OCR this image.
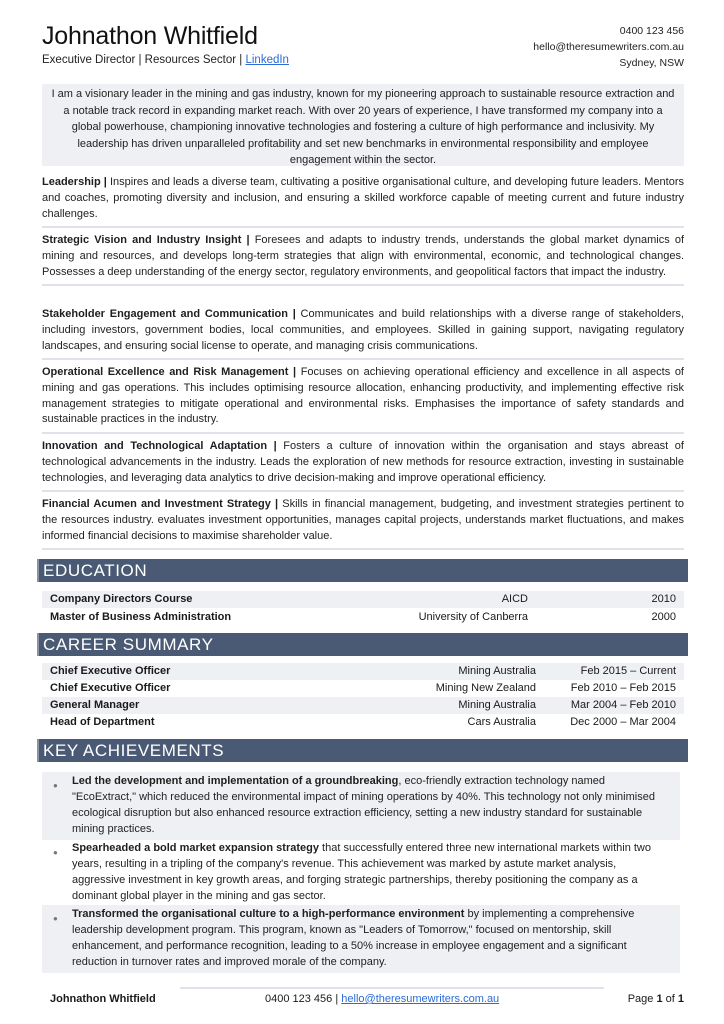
Johnathon Whitfield
Executive Director | Resources Sector | LinkedIn
0400 123 456
hello@theresumewriters.com.au
Sydney, NSW
I am a visionary leader in the mining and gas industry, known for my pioneering approach to sustainable resource extraction and a notable track record in expanding market reach. With over 20 years of experience, I have transformed my company into a global powerhouse, championing innovative technologies and fostering a culture of high performance and inclusivity. My leadership has driven unparalleled profitability and set new benchmarks in environmental responsibility and employee engagement within the sector.
Leadership | Inspires and leads a diverse team, cultivating a positive organisational culture, and developing future leaders. Mentors and coaches, promoting diversity and inclusion, and ensuring a skilled workforce capable of meeting current and future industry challenges.
Strategic Vision and Industry Insight | Foresees and adapts to industry trends, understands the global market dynamics of mining and resources, and develops long-term strategies that align with environmental, economic, and technological changes. Possesses a deep understanding of the energy sector, regulatory environments, and geopolitical factors that impact the industry.
Stakeholder Engagement and Communication | Communicates and build relationships with a diverse range of stakeholders, including investors, government bodies, local communities, and employees. Skilled in gaining support, navigating regulatory landscapes, and ensuring social license to operate, and managing crisis communications.
Operational Excellence and Risk Management | Focuses on achieving operational efficiency and excellence in all aspects of mining and gas operations. This includes optimising resource allocation, enhancing productivity, and implementing effective risk management strategies to mitigate operational and environmental risks. Emphasises the importance of safety standards and sustainable practices in the industry.
Innovation and Technological Adaptation | Fosters a culture of innovation within the organisation and stays abreast of technological advancements in the industry. Leads the exploration of new methods for resource extraction, investing in sustainable technologies, and leveraging data analytics to drive decision-making and improve operational efficiency.
Financial Acumen and Investment Strategy | Skills in financial management, budgeting, and investment strategies pertinent to the resources industry. evaluates investment opportunities, manages capital projects, understands market fluctuations, and makes informed financial decisions to maximise shareholder value.
EDUCATION
Company Directors Course	AICD	2010
Master of Business Administration	University of Canberra	2000
CAREER SUMMARY
Chief Executive Officer	Mining Australia	Feb 2015 – Current
Chief Executive Officer	Mining New Zealand	Feb 2010 – Feb 2015
General Manager	Mining Australia	Mar 2004 – Feb 2010
Head of Department	Cars Australia	Dec 2000 – Mar 2004
KEY ACHIEVEMENTS
● Led the development and implementation of a groundbreaking, eco-friendly extraction technology named "EcoExtract," which reduced the environmental impact of mining operations by 40%. This technology not only minimised ecological disruption but also enhanced resource extraction efficiency, setting a new industry standard for sustainable mining practices.
● Spearheaded a bold market expansion strategy that successfully entered three new international markets within two years, resulting in a tripling of the company's revenue. This achievement was marked by astute market analysis, aggressive investment in key growth areas, and forging strategic partnerships, thereby positioning the company as a dominant global player in the mining and gas sector.
● Transformed the organisational culture to a high-performance environment by implementing a comprehensive leadership development program. This program, known as "Leaders of Tomorrow," focused on mentorship, skill enhancement, and performance recognition, leading to a 50% increase in employee engagement and a significant reduction in turnover rates and improved morale of the company.
Johnathon Whitfield	0400 123 456 | hello@theresumewriters.com.au	Page 1 of 1
